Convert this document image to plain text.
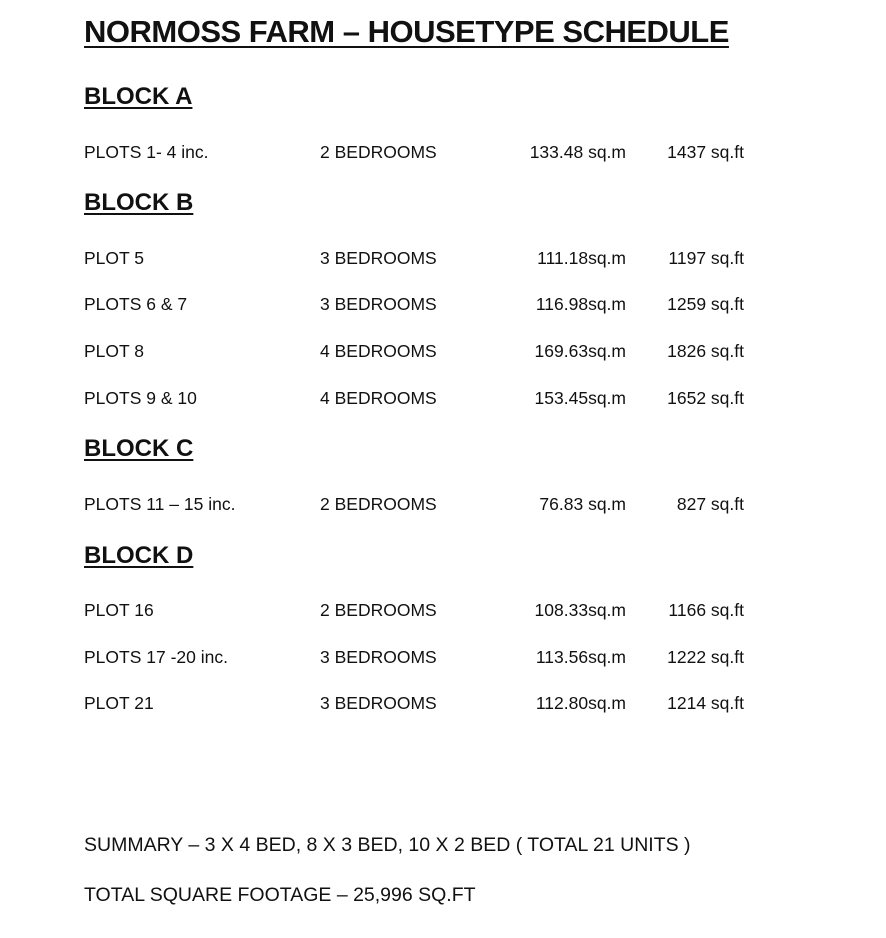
NORMOSS FARM – HOUSETYPE SCHEDULE
BLOCK A
PLOTS 1- 4 inc.	2 BEDROOMS	133.48 sq.m	1437 sq.ft
BLOCK B
PLOT 5	3 BEDROOMS	111.18sq.m	1197 sq.ft
PLOTS 6 & 7	3 BEDROOMS	116.98sq.m	1259 sq.ft
PLOT 8	4 BEDROOMS	169.63sq.m	1826 sq.ft
PLOTS 9 & 10	4 BEDROOMS	153.45sq.m	1652 sq.ft
BLOCK C
PLOTS 11 – 15 inc.	2 BEDROOMS	76.83 sq.m	827 sq.ft
BLOCK D
PLOT 16	2 BEDROOMS	108.33sq.m	1166 sq.ft
PLOTS 17 -20 inc.	3 BEDROOMS	113.56sq.m	1222 sq.ft
PLOT 21	3 BEDROOMS	112.80sq.m	1214 sq.ft
SUMMARY – 3 X 4 BED, 8 X 3 BED, 10 X 2 BED ( TOTAL 21 UNITS )
TOTAL SQUARE FOOTAGE – 25,996 SQ.FT
